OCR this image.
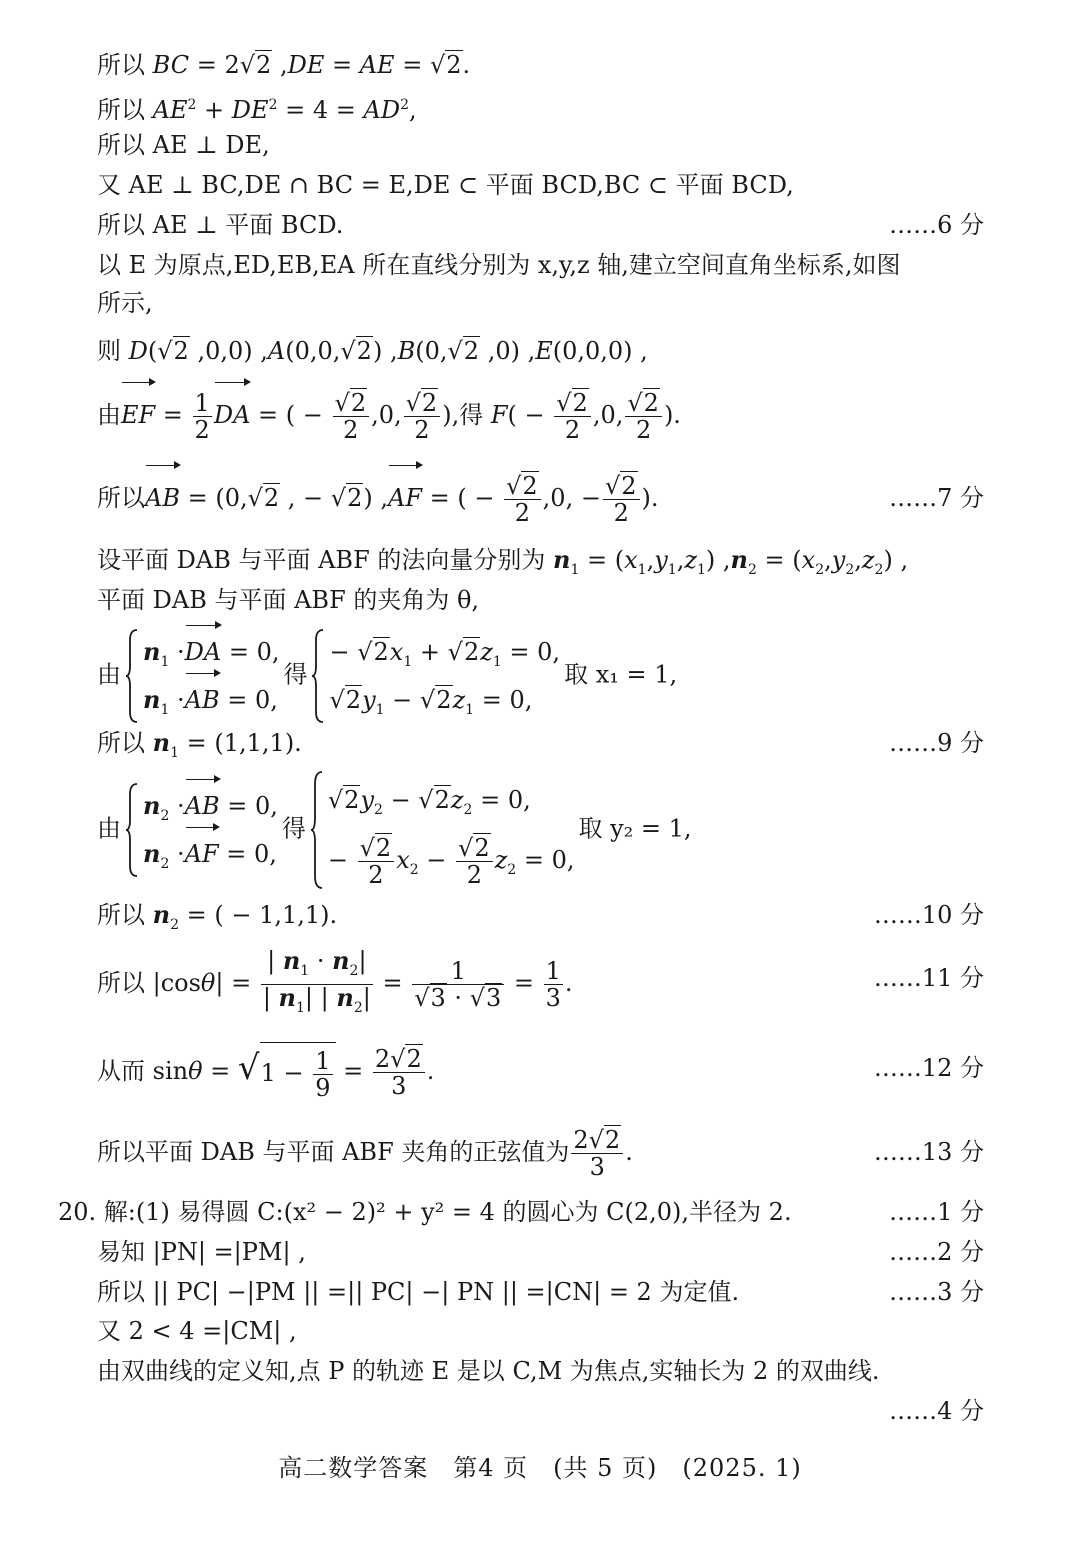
所以 BC = 2√2 ,DE = AE = √2.
所以 $AE^2 + DE^2 = 4 = AD^2$,
所以 AE ⊥ DE,
又 AE ⊥ BC,DE ∩ BC = E,DE ⊂ 平面 BCD,BC ⊂ 平面 BCD,
所以 AE ⊥ 平面 BCD.	……6 分
以 E 为原点,ED,EB,EA 所在直线分别为 x,y,z 轴,建立空间直角坐标系,如图
所示,
则 D(√2 ,0,0) ,A(0,0,√2) ,B(0,√2 ,0) ,E(0,0,0) ,
由EF = $\frac{1}{2}$ DA = ( − $\frac{√2}{2} ,0$, $\frac{√2}{2}$ ),得 $F( - \frac{√2}{2} ,0$, $\frac{√2}{2}$ ).
所以AB = (0,√2 , − √2) ,AF = ( − $\frac{√2}{2} ,0$, − $\frac{√2}{2}$ ).	……7 分
设平面 DAB 与平面 ABF 的法向量分别为 $n_1 = (x_1,y_1,z_1) ,n_2 = (x_2,y_2,z_2)$ ,
平面 DAB 与平面 ABF 的夹角为 θ,
由
$n_1 \cdot DA = 0$,
$n_1 \cdot AB = 0$,
得
− $√2x_1 + √2z_1 = 0$,
$√2y_1 - √2z_1 = 0$,
取 x₁ = 1,
所以 $n_1 = (1,1,1)$.	……9 分
由
$n_2 \cdot AB = 0$,
$n_2 \cdot AF = 0$,
得
$√2y_2 - √2z_2 = 0$,
− $\frac{√2}{2} x_2 - \frac{√2}{2} z_2 = 0$,
取 y₂ = 1,
所以 $n_2$ = ( − 1,1,1).	……10 分
所以 $|\cos\theta| = \frac{| n_1 \cdot n_2|}{| n_1| | n_2|} = \frac{1}{√3 \cdot √3} = \frac{1}{3}$ .	……11 分
从而 $\sin\theta = √1 - \frac{1}{9} = \frac{2√2}{3}$ .	……12 分
所以平面 DAB 与平面 ABF 夹角的正弦值为 $\frac{2√2}{3}$ .	……13 分
20. 解:(1) 易得圆 C:(x² − 2)² + y² = 4 的圆心为 C(2,0),半径为 2.	……1 分
易知 |PN| =|PM| ,	……2 分
所以 || PC| −|PM || =|| PC| −| PN || =|CN| = 2 为定值.	……3 分
又 2 < 4 =|CM| ,
由双曲线的定义知,点 P 的轨迹 E 是以 C,M 为焦点,实轴长为 2 的双曲线.
……4 分
高二数学答案　第4 页　(共 5 页)　(2025. 1)
